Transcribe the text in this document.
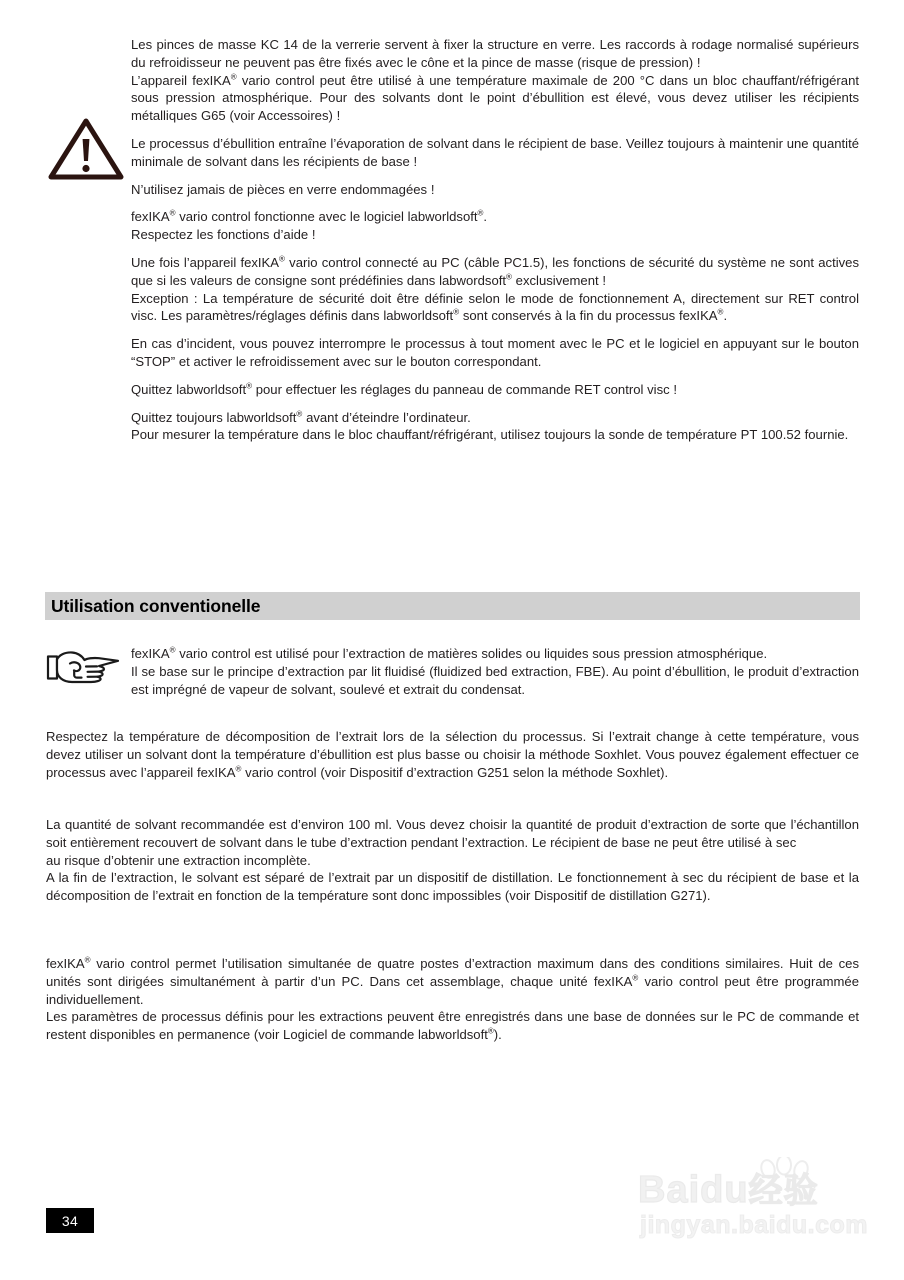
Les pinces de masse KC 14 de la verrerie servent à fixer la structure en verre. Les raccords à rodage normalisé supérieurs du refroidisseur ne peuvent pas être fixés avec le cône et la pince de masse (risque de pression) !

L’appareil fexIKA® vario control peut être utilisé à une température maximale de 200 °C dans un bloc chauffant/réfrigérant sous pression atmosphérique. Pour des solvants dont le point d’ébullition est élevé, vous devez utiliser les récipients métalliques G65 (voir Accessoires) !

Le processus d’ébullition entraîne l’évaporation de solvant dans le récipient de base. Veillez toujours à maintenir une quantité minimale de solvant dans les récipients de base !

N’utilisez jamais de pièces en verre endommagées !

fexIKA® vario control fonctionne avec le logiciel labworldsoft®.

Respectez les fonctions d’aide !

Une fois l’appareil fexIKA® vario control connecté au PC (câble PC1.5), les fonctions de sécurité du système ne sont actives que si les valeurs de consigne sont prédéfinies dans labwordsoft® exclusivement !

Exception : La température de sécurité doit être définie selon le mode de fonctionnement A, directement sur RET control visc. Les paramètres/réglages définis dans labworldsoft® sont conservés à la fin du processus fexIKA®.

En cas d’incident, vous pouvez interrompre le processus à tout moment avec le PC et le logiciel en appuyant sur le bouton “STOP” et activer le refroidissement avec sur le bouton correspondant.

Quittez labworldsoft® pour effectuer les réglages du panneau de commande RET control visc !

Quittez toujours labworldsoft® avant d’éteindre l’ordinateur.

Pour mesurer la température dans le bloc chauffant/réfrigérant, utilisez toujours la sonde de température PT 100.52 fournie.

Utilisation conventionelle

fexIKA® vario control est utilisé pour l’extraction de matières solides ou liquides sous pression atmosphérique.

Il se base sur le principe d’extraction par lit fluidisé (fluidized bed extraction, FBE). Au point d’ébullition, le produit d’extraction est imprégné de vapeur de solvant, soulevé et extrait du condensat.

Respectez la température de décomposition de l’extrait lors de la sélection du processus. Si l’extrait change à cette température, vous devez utiliser un solvant dont la température d’ébullition est plus basse ou choisir la méthode Soxhlet. Vous pouvez également effectuer ce processus avec l’appareil fexIKA® vario control (voir Dispositif d’extraction G251 selon la méthode Soxhlet).

La quantité de solvant recommandée est d’environ 100 ml. Vous devez choisir la quantité de produit d’extraction de sorte que l’échantillon soit entièrement recouvert de solvant dans le tube d’extraction pendant l’extraction. Le récipient de base ne peut être utilisé à sec

au risque d’obtenir une extraction incomplète.

A la fin de l’extraction, le solvant est séparé de l’extrait par un dispositif de distillation. Le fonctionnement à sec du récipient de base et la décomposition de l’extrait en fonction de la température sont donc impossibles (voir Dispositif de distillation G271).

fexIKA® vario control permet l’utilisation simultanée de quatre postes d’extraction maximum dans des conditions similaires. Huit de ces unités sont dirigées simultanément à partir d’un PC. Dans cet assemblage, chaque unité fexIKA® vario control peut être programmée individuellement.

Les paramètres de processus définis pour les extractions peuvent être enregistrés dans une base de données sur le PC de commande et restent disponibles en permanence (voir Logiciel de commande labworldsoft®).

34
Baidu经验
jingyan.baidu.com
